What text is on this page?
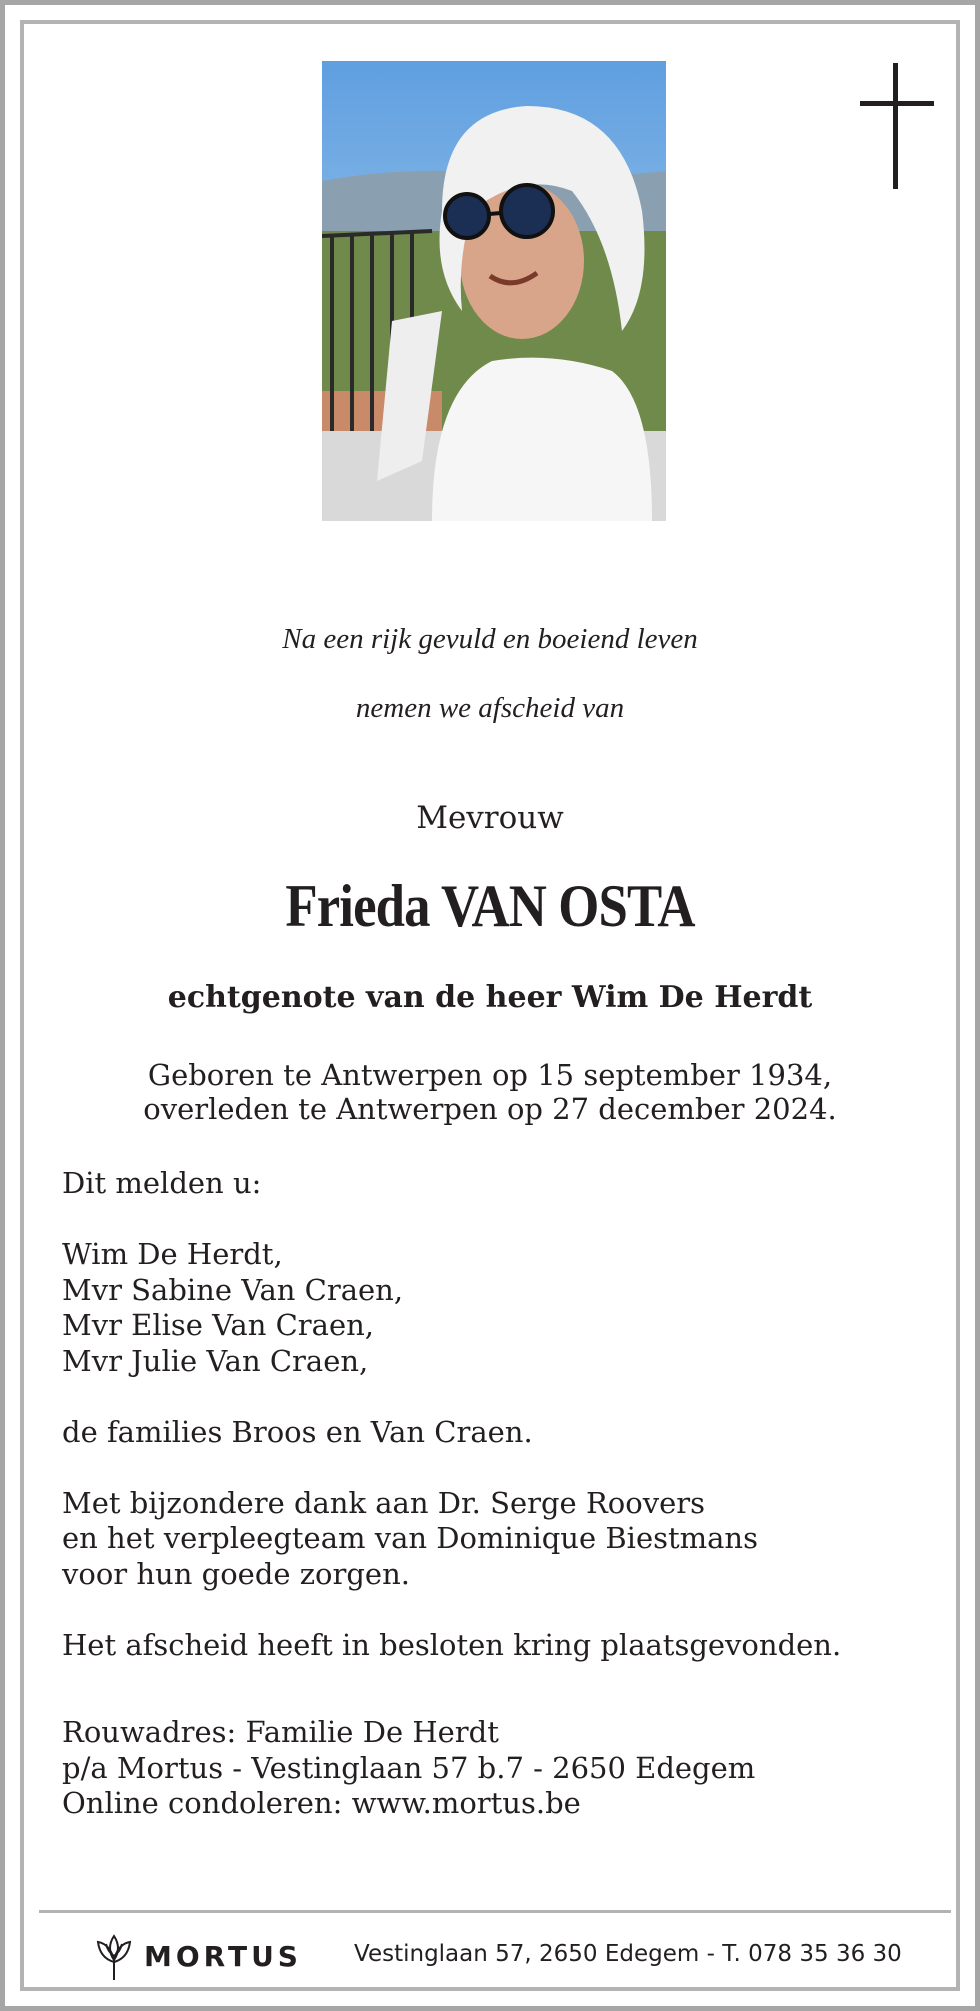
Na een rijk gevuld en boeiend leven
nemen we afscheid van
Mevrouw
Frieda VAN OSTA
echtgenote van de heer Wim De Herdt
Geboren te Antwerpen op 15 september 1934,
overleden te Antwerpen op 27 december 2024.

Dit melden u:

Wim De Herdt,
Mvr Sabine Van Craen,
Mvr Elise Van Craen,
Mvr Julie Van Craen,

de families Broos en Van Craen.

Met bijzondere dank aan Dr. Serge Roovers
en het verpleegteam van Dominique Biestmans
voor hun goede zorgen.

Het afscheid heeft in besloten kring plaatsgevonden.

Rouwadres: Familie De Herdt
p/a Mortus - Vestinglaan 57 b.7 - 2650 Edegem
Online condoleren: www.mortus.be

MORTUS Vestinglaan 57, 2650 Edegem - T. 078 35 36 30
